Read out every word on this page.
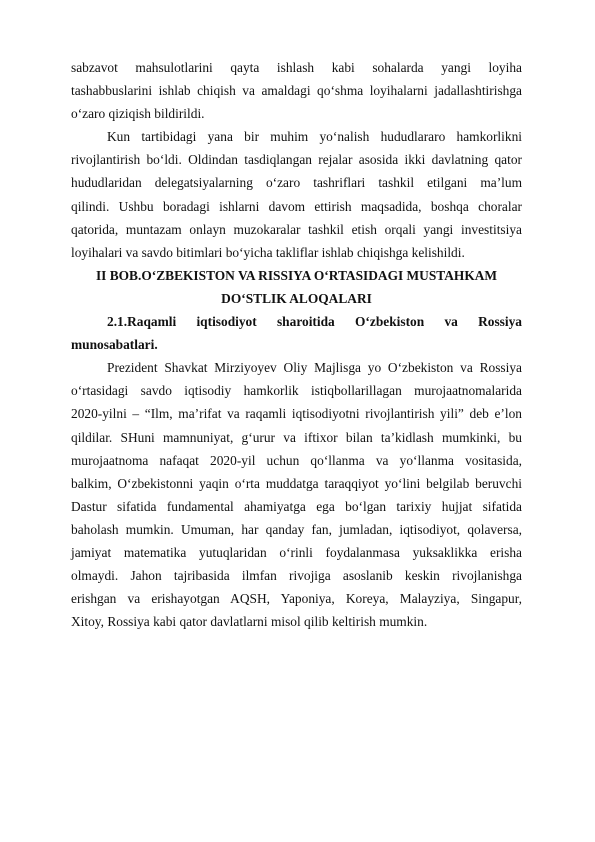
sabzavot mahsulotlarini qayta ishlash kabi sohalarda yangi loyiha
tashabbuslarini ishlab chiqish va amaldagi qo‘shma loyihalarni jadallashtirishga
o‘zaro qiziqish bildirildi.
Kun tartibidagi yana bir muhim yo‘nalish hududlararo hamkorlikni
rivojlantirish bo‘ldi. Oldindan tasdiqlangan rejalar asosida ikki davlatning qator
hududlaridan delegatsiyalarning o‘zaro tashriflari tashkil etilgani ma’lum
qilindi. Ushbu boradagi ishlarni davom ettirish maqsadida, boshqa choralar
qatorida, muntazam onlayn muzokaralar tashkil etish orqali yangi investitsiya
loyihalari va savdo bitimlari bo‘yicha takliflar ishlab chiqishga kelishildi.
II BOB.O‘ZBEKISTON VA RISSIYA O‘RTASIDAGI MUSTAHKAM
DO‘STLIK ALOQALARI
2.1.Raqamli iqtisodiyot sharoitida O‘zbekiston va Rossiya
munosabatlari.
Prezident Shavkat Mirziyoyev Oliy Majlisga yo O‘zbekiston va Rossiya
o‘rtasidagi savdo iqtisodiy hamkorlik istiqbollarillagan murojaatnomalarida
2020-yilni – “Ilm, ma’rifat va raqamli iqtisodiyotni rivojlantirish yili” deb e’lon
qildilar. SHuni mamnuniyat, g‘urur va iftixor bilan ta’kidlash mumkinki, bu
murojaatnoma nafaqat 2020-yil uchun qo‘llanma va yo‘llanma vositasida,
balkim, O‘zbekistonni yaqin o‘rta muddatga taraqqiyot yo‘lini belgilab beruvchi
Dastur sifatida fundamental ahamiyatga ega bo‘lgan tarixiy hujjat sifatida
baholash mumkin. Umuman, har qanday fan, jumladan, iqtisodiyot, qolaversa,
jamiyat matematika yutuqlaridan o‘rinli foydalanmasa yuksaklikka erisha
olmaydi. Jahon tajribasida ilmfan rivojiga asoslanib keskin rivojlanishga
erishgan va erishayotgan AQSH, Yaponiya, Koreya, Malayziya, Singapur,
Xitoy, Rossiya kabi qator davlatlarni misol qilib keltirish mumkin.
